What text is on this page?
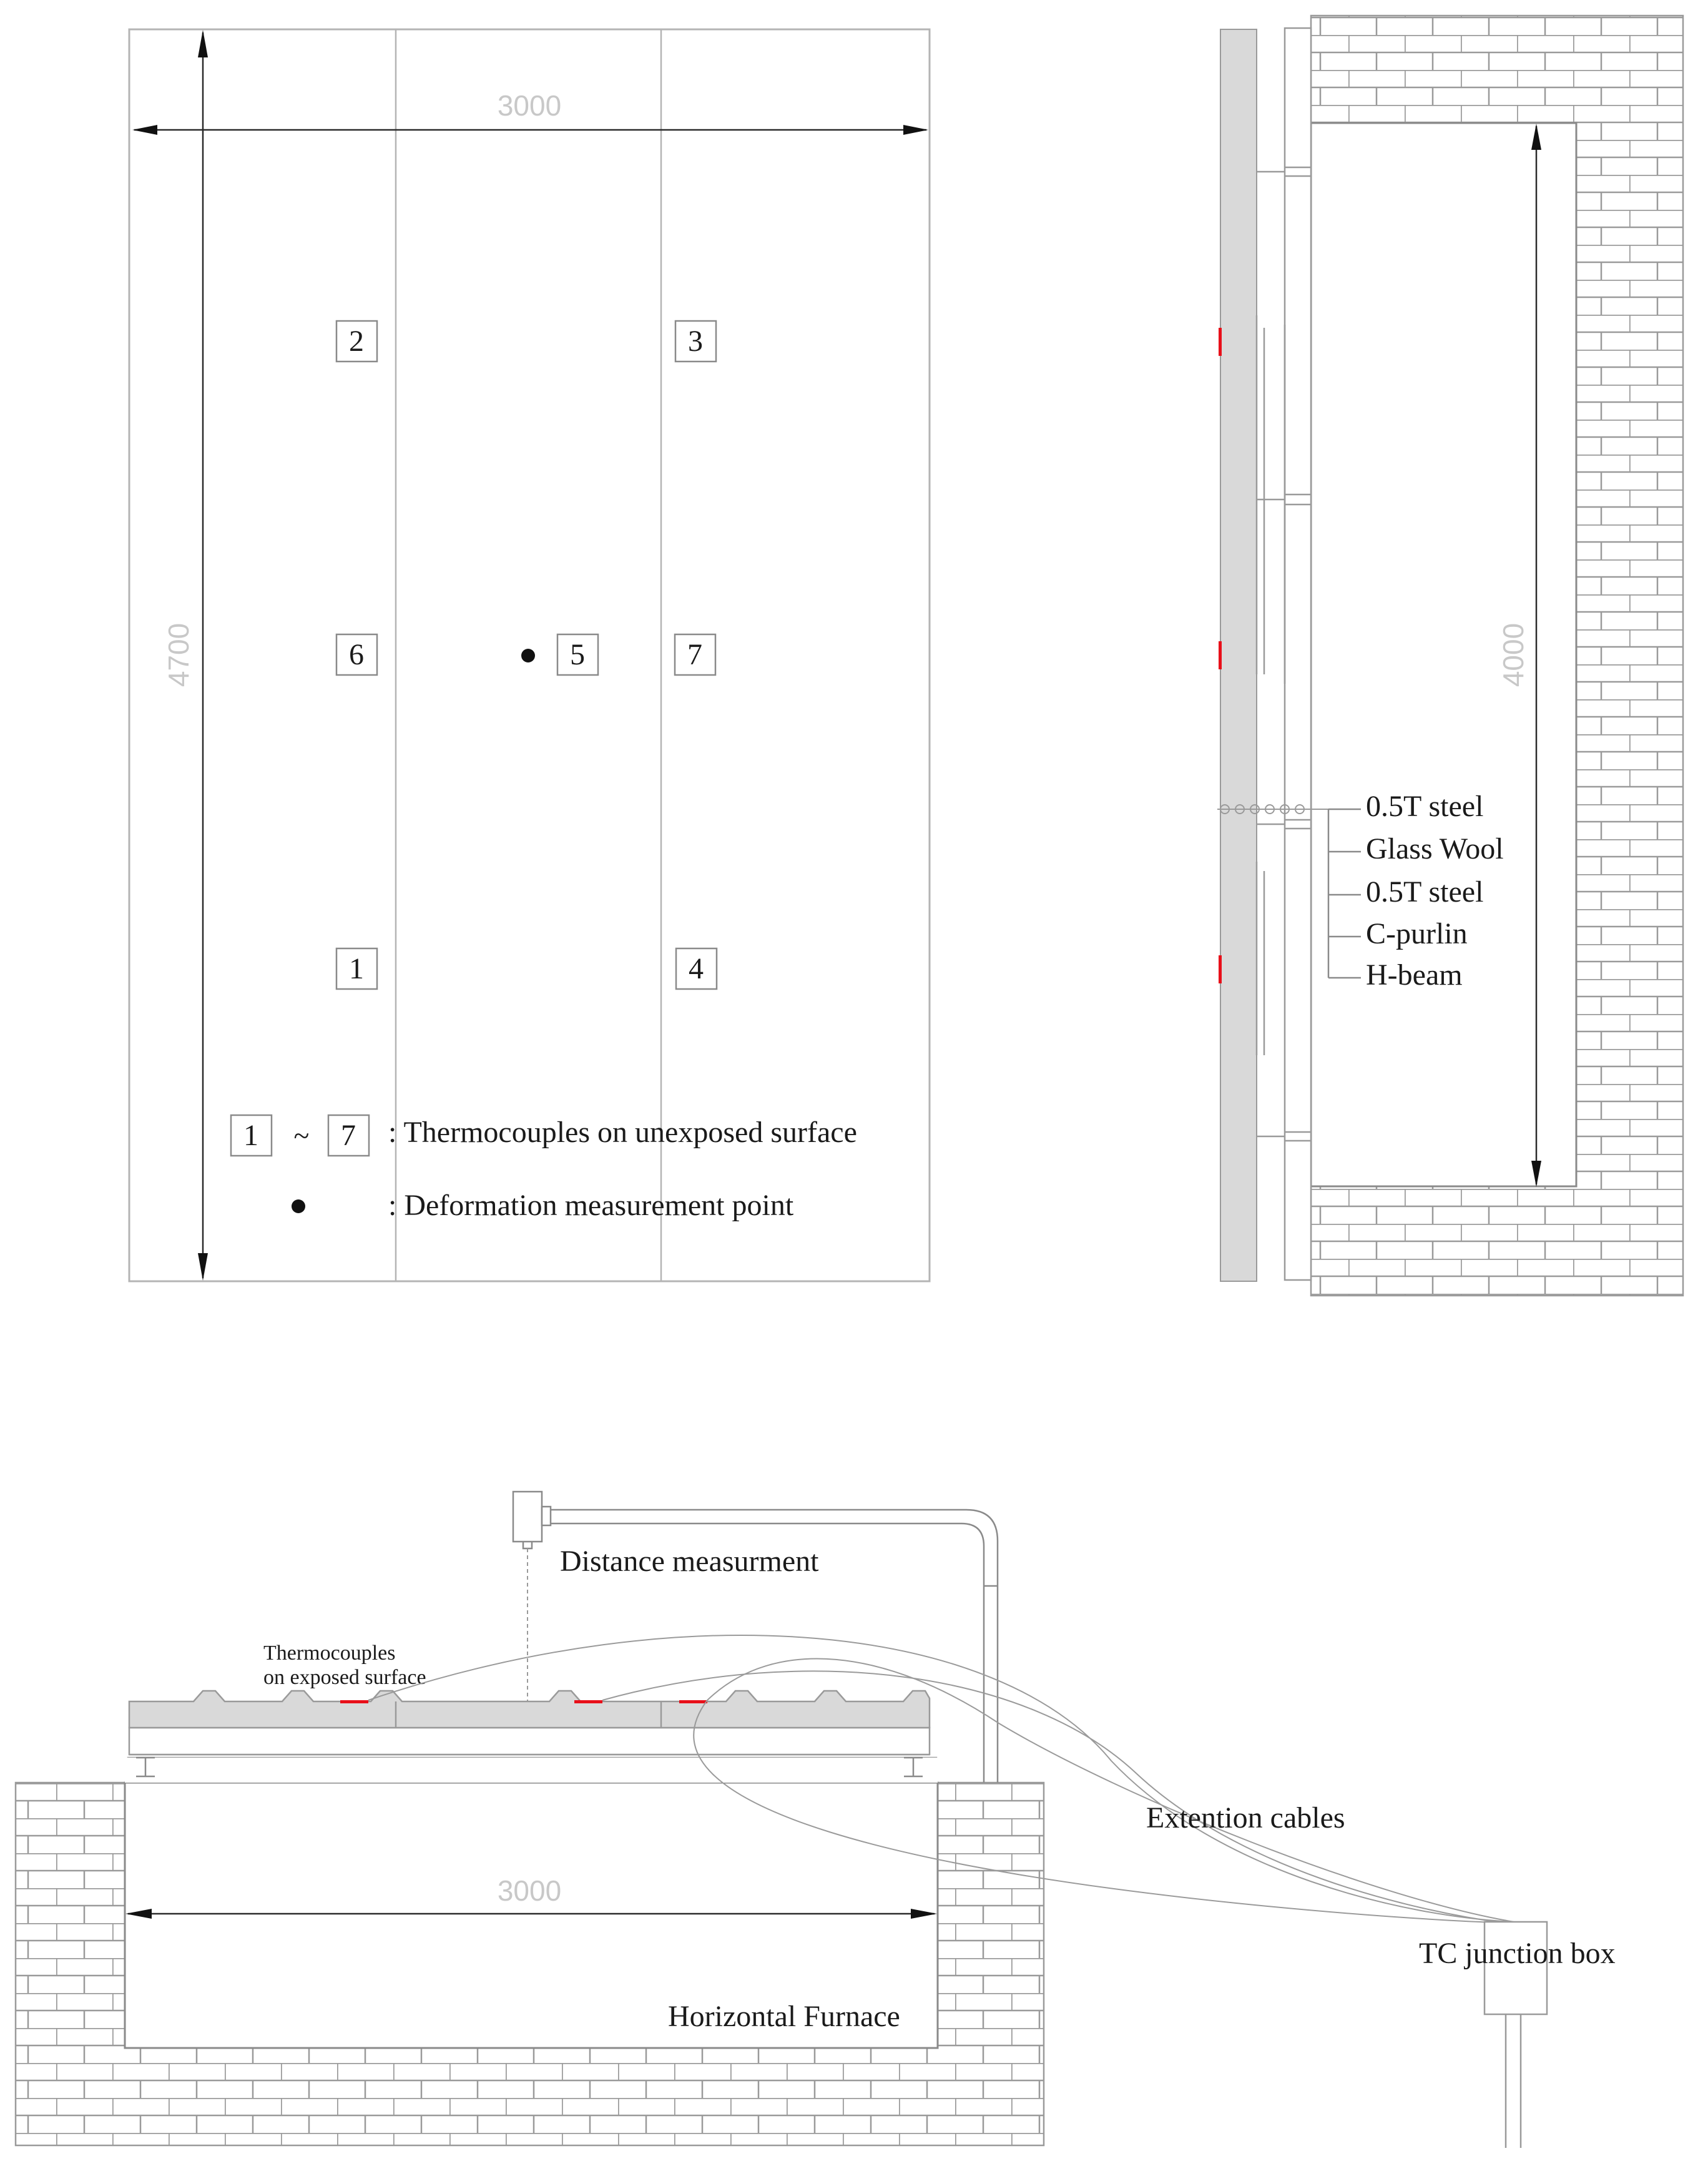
3000
4700
2	3
6	5	7
1	4
1 ~ 7 : Thermocouples on unexposed surface
: Deformation measurement point
0.5T steel
Glass Wool
0.5T steel
C-purlin
H-beam
4000
Thermocouples
on exposed surface
Distance measurment
3000
Horizontal Furnace
Extention cables
TC junction box
